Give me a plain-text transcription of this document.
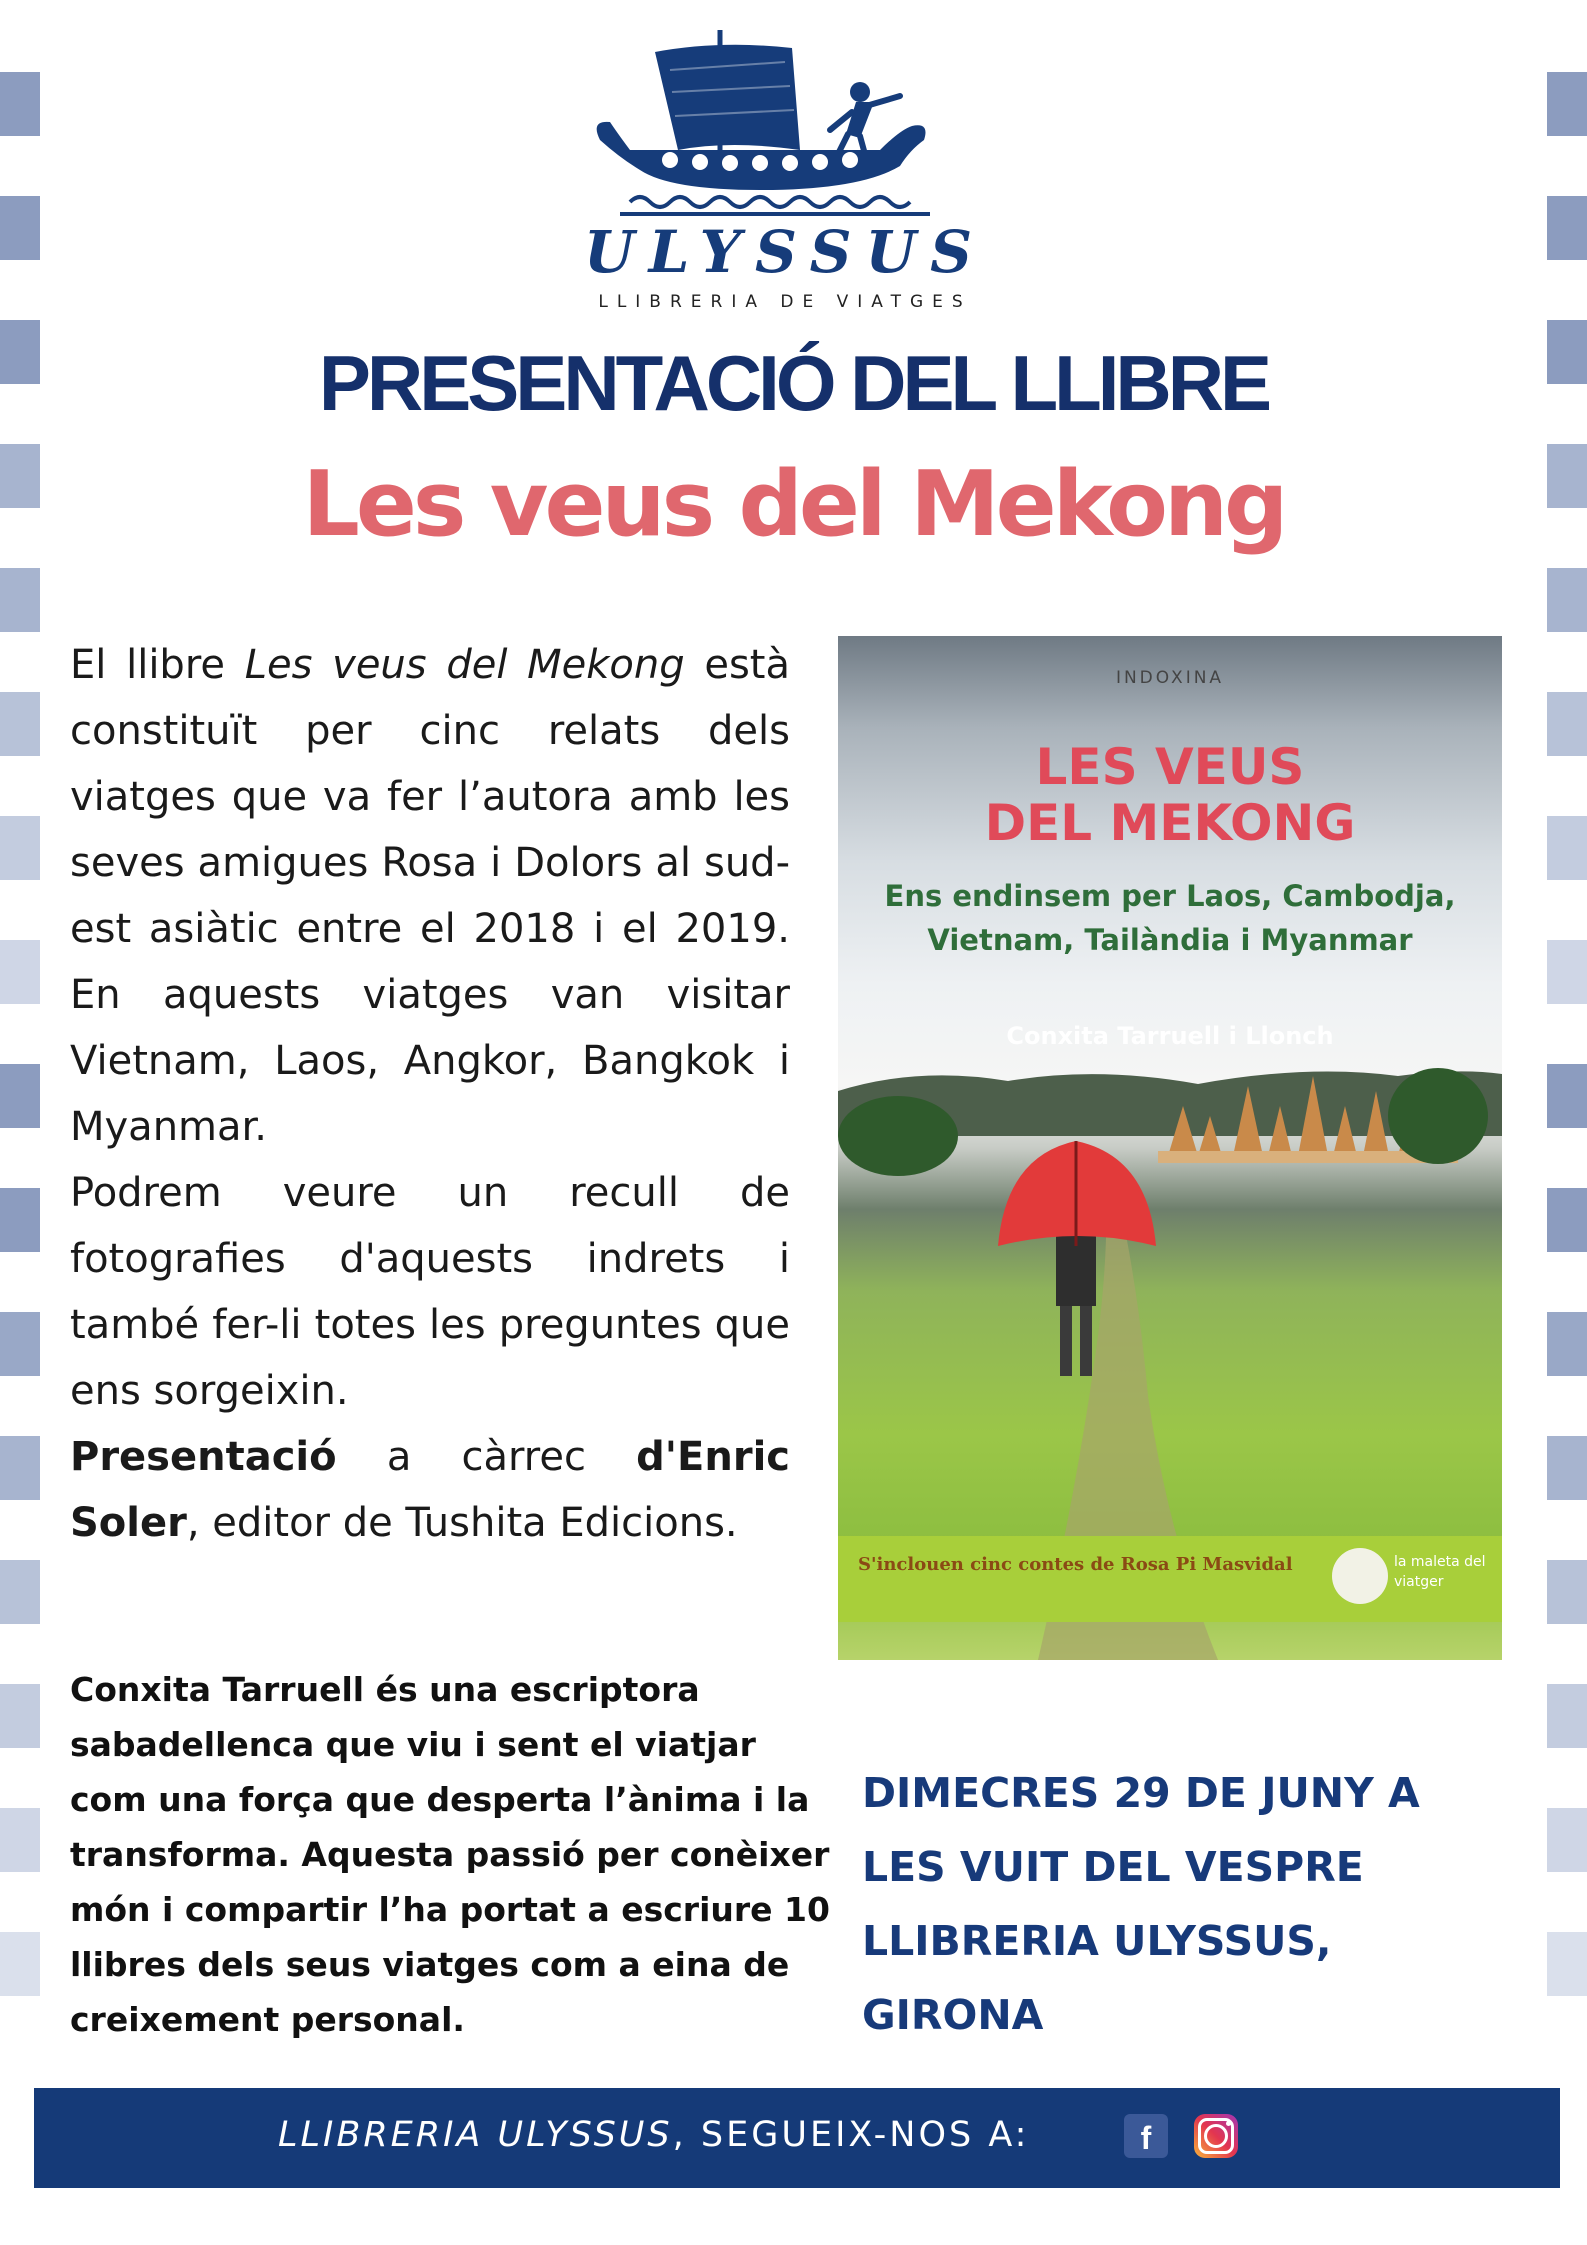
ULYSSUS
LLIBRERIA DE VIATGES
PRESENTACIÓ DEL LLIBRE
Les veus del Mekong

El llibre Les veus del Mekong està constituït per cinc relats dels viatges que va fer l’autora amb les seves amigues Rosa i Dolors al sud-est asiàtic entre el 2018 i el 2019. En aquests viatges van visitar Vietnam, Laos, Angkor, Bangkok i Myanmar.

Podrem veure un recull de fotografies d'aquests indrets i també fer-li totes les preguntes que ens sorgeixin.

Presentació a càrrec d'Enric Soler, editor de Tushita Edicions.

INDOXINA
LES VEUS
DEL MEKONG
Ens endinsem per Laos, Cambodja, Vietnam, Tailàndia i Myanmar
Conxita Tarruell i Llonch
S'inclouen cinc contes de Rosa Pi Masvidal	la maleta del viatger
Conxita Tarruell és una escriptora sabadellenca que viu i sent el viatjar com una força que desperta l’ànima i la transforma. Aquesta passió per conèixer món i compartir l’ha portat a escriure 10 llibres dels seus viatges com a eina de creixement personal.

DIMECRES 29 DE JUNY A

LES VUIT DEL VESPRE

LLIBRERIA ULYSSUS,

GIRONA

LLIBRERIA ULYSSUS, SEGUEIX-NOS A:	f
